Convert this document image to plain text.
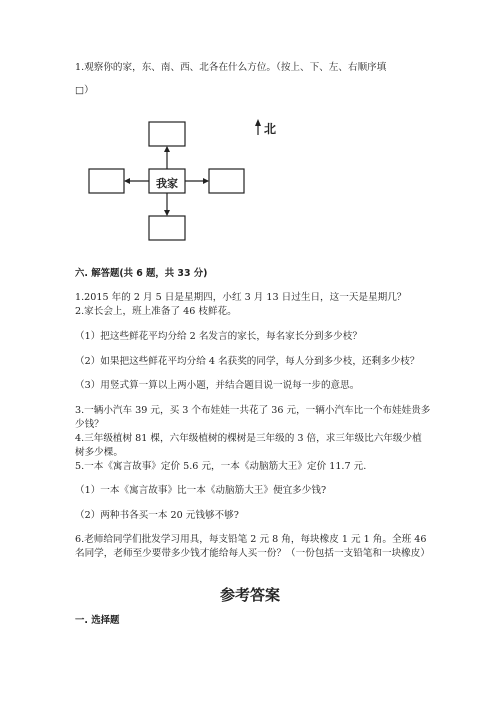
1.观察你的家，东、南、西、北各在什么方位。（按上、下、左、右顺序填
□）
我家
北
六. 解答题(共 6 题，共 33 分)
1.2015 年的 2 月 5 日是星期四，小红 3 月 13 日过生日，这一天是星期几？
2.家长会上，班上准备了 46 枝鲜花。
（1）把这些鲜花平均分给 2 名发言的家长，每名家长分到多少枝？
（2）如果把这些鲜花平均分给 4 名获奖的同学，每人分到多少枝，还剩多少枝？
（3）用竖式算一算以上两小题，并结合题目说一说每一步的意思。
3.一辆小汽车 39 元，买 3 个布娃娃一共花了 36 元，一辆小汽车比一个布娃娃贵多少钱？
4.三年级植树 81 棵，六年级植树的棵树是三年级的 3 倍，求三年级比六年级少植树多少棵。
5.一本《寓言故事》定价 5.6 元，一本《动脑筋大王》定价 11.7 元.
（1）一本《寓言故事》比一本《动脑筋大王》便宜多少钱?
（2）两种书各买一本 20 元钱够不够?
6.老师给同学们批发学习用具，每支铅笔 2 元 8 角，每块橡皮 1 元 1 角。全班 46 名同学，老师至少要带多少钱才能给每人买一份？（一份包括一支铅笔和一块橡皮）
参考答案
一. 选择题
